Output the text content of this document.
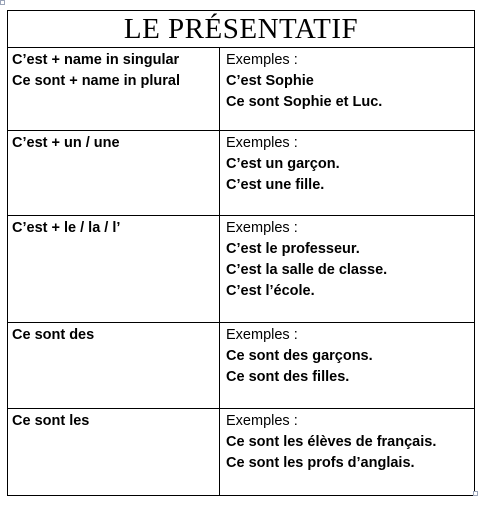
LE PRÉSENTATIF	

C’est + name in singular
Ce sont + name in plural	Exemples :
C’est Sophie
Ce sont Sophie et Luc.

C’est + un / une	Exemples :
C’est un garçon.
C’est une fille.

C’est + le / la / l’	Exemples :
C’est le professeur.
C’est la salle de classe.
C’est l’école.

Ce sont des	Exemples :
Ce sont des garçons.
Ce sont des filles.

Ce sont les	Exemples :
Ce sont les élèves de français.
Ce sont les profs d’anglais.
